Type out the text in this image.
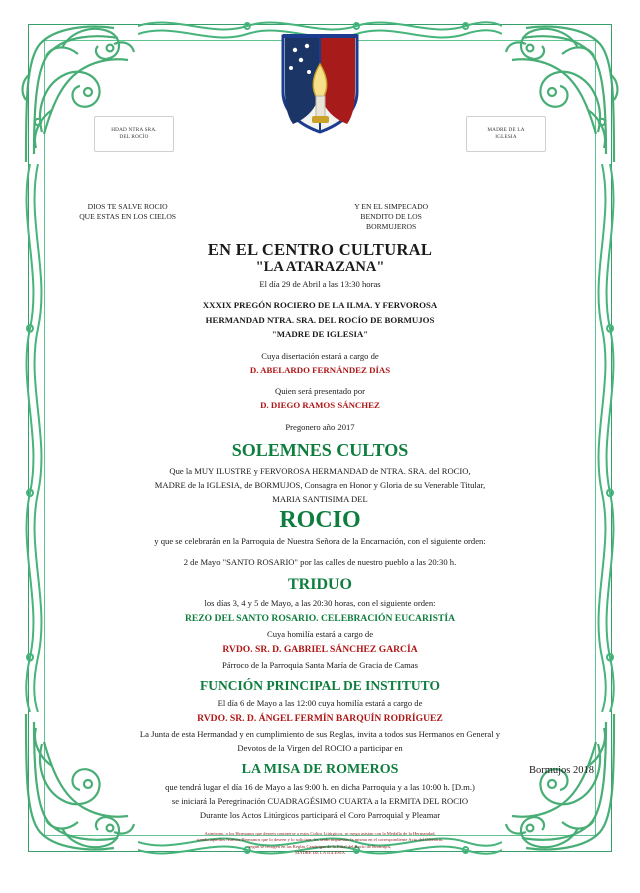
HDAD NTRA SRA.
DEL ROCÍO
MADRE DE LA
IGLESIA
DIOS TE SALVE ROCIO
QUE ESTAS EN LOS CIELOS
Y EN EL SIMPECADO
BENDITO DE LOS BORMUJEROS
EN EL CENTRO CULTURAL
"LA ATARAZANA"
El día 29 de Abril a las 13:30 horas
XXXIX PREGÓN ROCIERO DE LA ILMA. Y FERVOROSA
HERMANDAD NTRA. SRA. DEL ROCÍO DE BORMUJOS
"MADRE DE IGLESIA"
Cuya disertación estará a cargo de
D. ABELARDO FERNÁNDEZ DÍAS
Quien será presentado por
D. DIEGO RAMOS SÁNCHEZ
Pregonero año 2017
SOLEMNES CULTOS
Que la MUY ILUSTRE y FERVOROSA HERMANDAD de NTRA. SRA. del ROCIO,
MADRE de la IGLESIA, de BORMUJOS, Consagra en Honor y Gloria de su Venerable Titular,
MARIA SANTISIMA DEL
ROCIO
y que se celebrarán en la Parroquia de Nuestra Señora de la Encarnación, con el siguiente orden:
2 de Mayo "SANTO ROSARIO" por las calles de nuestro pueblo a las 20:30 h.
TRIDUO
los días 3, 4 y 5 de Mayo, a las 20:30 horas, con el siguiente orden:
REZO DEL SANTO ROSARIO. CELEBRACIÓN EUCARISTÍA
Cuya homilía estará a cargo de
RVDO. SR. D. GABRIEL SÁNCHEZ GARCÍA
Párroco de la Parroquia Santa María de Gracia de Camas
FUNCIÓN PRINCIPAL DE INSTITUTO
El día 6 de Mayo a las 12:00 cuya homilía estará a cargo de
RVDO. SR. D. ÁNGEL FERMÍN BARQUÍN RODRÍGUEZ
La Junta de esta Hermandad y en cumplimiento de sus Reglas, invita a todos sus Hermanos en General y
Devotos de la Virgen del ROCIO a participar en
LA MISA DE ROMEROS
que tendrá lugar el día 16 de Mayo a las 9:00 h. en dicha Parroquia y a las 10:00 h. [D.m.)
se iniciará la Peregrinación CUADRAGÉSIMO CUARTA a la ERMITA DEL ROCIO
Durante los Actos Litúrgicos participará el Coro Parroquial y Pleamar
Asimismo, a los Hermanos que deseen contraerse a estos Cultos Litúrgicos, se ruega asistan con la Medalla de la Hermandad,
siendo aquellos Nuevos Hermanos que lo deseen y lo soliciten, les serán impuestas la misma en el correspondiente Acto del Ofertorio,
según se recogen en las Reglas Canónigas de la Filial del Rocío de Bormujos,
MADRE DE LA IGLESIA
Bormujos 2018
